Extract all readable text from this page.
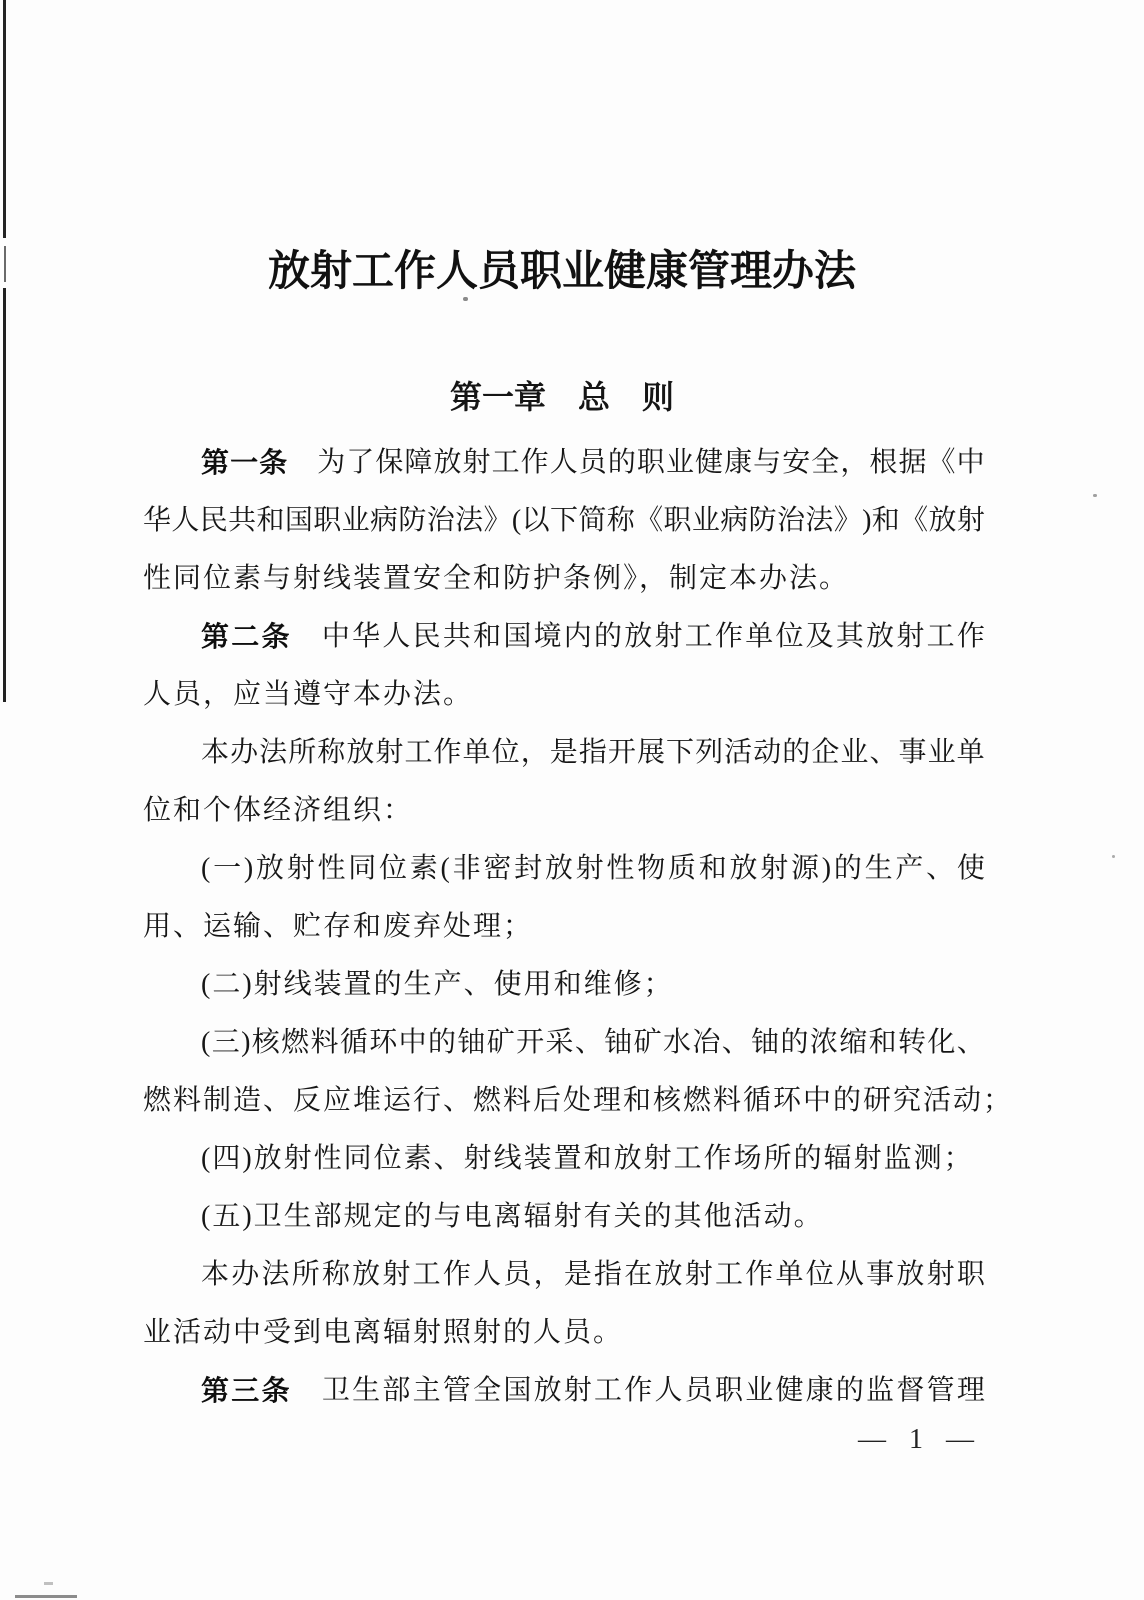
放射工作人员职业健康管理办法
第一章　总　则
第 一 条 为 了 保 障 放 射 工 作 人 员 的 职 业 健 康 与 安 全 ， 根 据 《 中
华 人 民 共 和 国 职 业 病 防 治 法 》 ( 以 下 简 称 《 职 业 病 防 治 法 》 ) 和 《 放 射
性同位素与射线装置安全和防护条例》，制定本办法。
第 二 条 中 华 人 民 共 和 国 境 内 的 放 射 工 作 单 位 及 其 放 射 工 作
人员，应当遵守本办法。
本 办 法 所 称 放 射 工 作 单 位 ， 是 指 开 展 下 列 活 动 的 企 业 、 事 业 单
位和个体经济组织：
( 一 ) 放 射 性 同 位 素 ( 非 密 封 放 射 性 物 质 和 放 射 源 ) 的 生 产 、 使
用、运输、贮存和废弃处理；
(二)射线装置的生产、使用和维修；
( 三 ) 核 燃 料 循 环 中 的 铀 矿 开 采 、 铀 矿 水 冶 、 铀 的 浓 缩 和 转 化 、
燃料制造、反应堆运行、燃料后处理和核燃料循环中的研究活动；
(四)放射性同位素、射线装置和放射工作场所的辐射监测；
(五)卫生部规定的与电离辐射有关的其他活动。
本 办 法 所 称 放 射 工 作 人 员 ， 是 指 在 放 射 工 作 单 位 从 事 放 射 职
业活动中受到电离辐射照射的人员。
第 三 条 卫 生 部 主 管 全 国 放 射 工 作 人 员 职 业 健 康 的 监 督 管 理
— 1 —
